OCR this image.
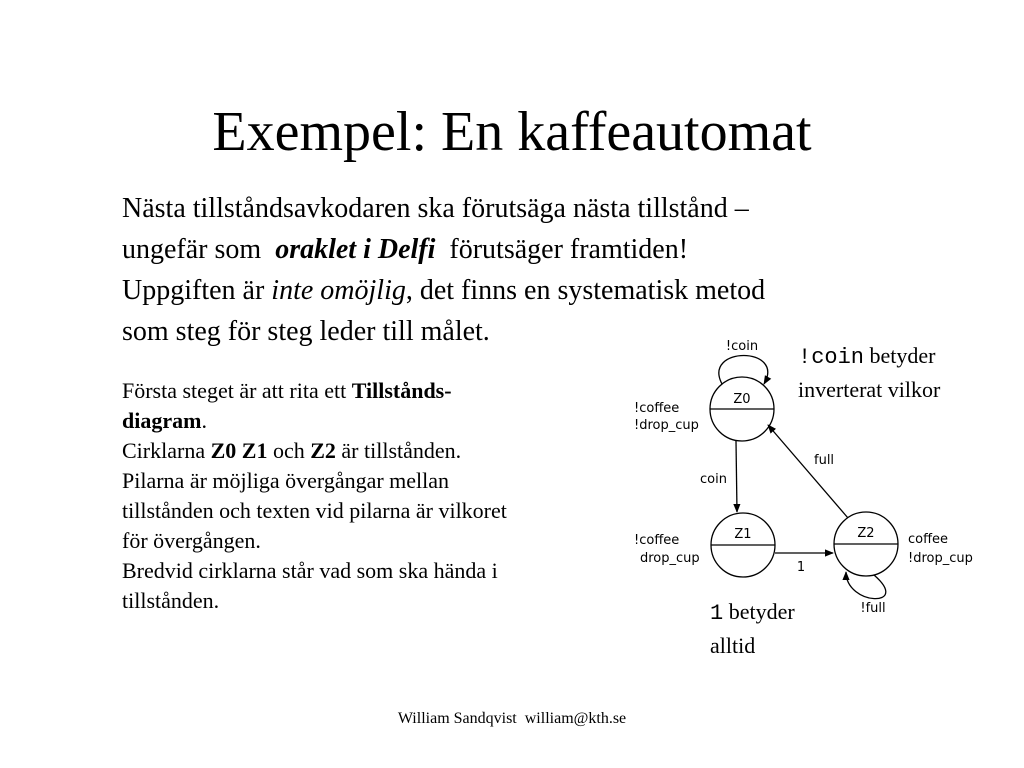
Exempel: En kaffeautomat
Nästa tillståndsavkodaren ska förutsäga nästa tillstånd –
ungefär som oraklet i Delfi förutsäger framtiden!
Uppgiften är inte omöjlig, det finns en systematisk metod
som steg för steg leder till målet.
Första steget är att rita ett Tillstånds-
diagram.
Cirklarna Z0 Z1 och Z2 är tillstånden.
Pilarna är möjliga övergångar mellan
tillstånden och texten vid pilarna är vilkoret
för övergången.
Bredvid cirklarna står vad som ska hända i
tillstånden.
Z0
Z1	Z2
!coin
coin
1
full
!full
!coffee
!drop_cup
!coffee
drop_cup
coffee
!drop_cup
!coin betyder
inverterat vilkor
1 betyder
alltid
William Sandqvist  william@kth.se
